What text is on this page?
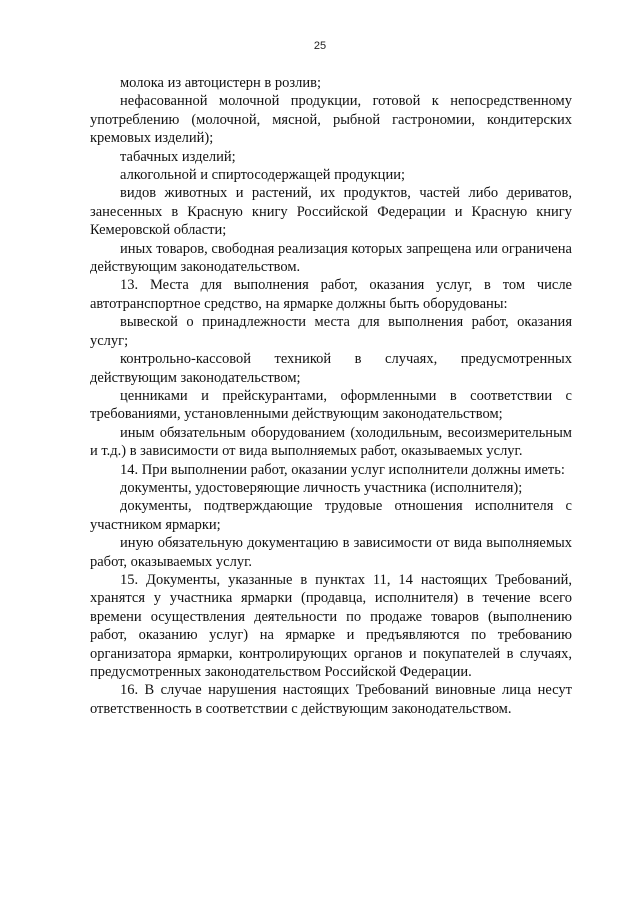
25

молока из автоцистерн в розлив;

нефасованной молочной продукции, готовой к непосредственному употреблению (молочной, мясной, рыбной гастрономии, кондитерских кремовых изделий);

табачных изделий;

алкогольной и спиртосодержащей продукции;

видов животных и растений, их продуктов, частей либо дериватов, занесенных в Красную книгу Российской Федерации и Красную книгу Кемеровской области;

иных товаров, свободная реализация которых запрещена или ограничена действующим законодательством.

13. Места для выполнения работ, оказания услуг, в том числе автотранспортное средство, на ярмарке должны быть оборудованы:

вывеской о принадлежности места для выполнения работ, оказания услуг;

контрольно-кассовой техникой в случаях, предусмотренных действующим законодательством;

ценниками и прейскурантами, оформленными в соответствии с требованиями, установленными действующим законодательством;

иным обязательным оборудованием (холодильным, весоизмерительным и т.д.) в зависимости от вида выполняемых работ, оказываемых услуг.

14. При выполнении работ, оказании услуг исполнители должны иметь:

документы, удостоверяющие личность участника (исполнителя);

документы, подтверждающие трудовые отношения исполнителя с участником ярмарки;

иную обязательную документацию в зависимости от вида выполняемых работ, оказываемых услуг.

15. Документы, указанные в пунктах 11, 14 настоящих Требований, хранятся у участника ярмарки (продавца, исполнителя) в течение всего времени осуществления деятельности по продаже товаров (выполнению работ, оказанию услуг) на ярмарке и предъявляются по требованию организатора ярмарки, контролирующих органов и покупателей в случаях, предусмотренных законодательством Российской Федерации.

16. В случае нарушения настоящих Требований виновные лица несут ответственность в соответствии с действующим законодательством.
